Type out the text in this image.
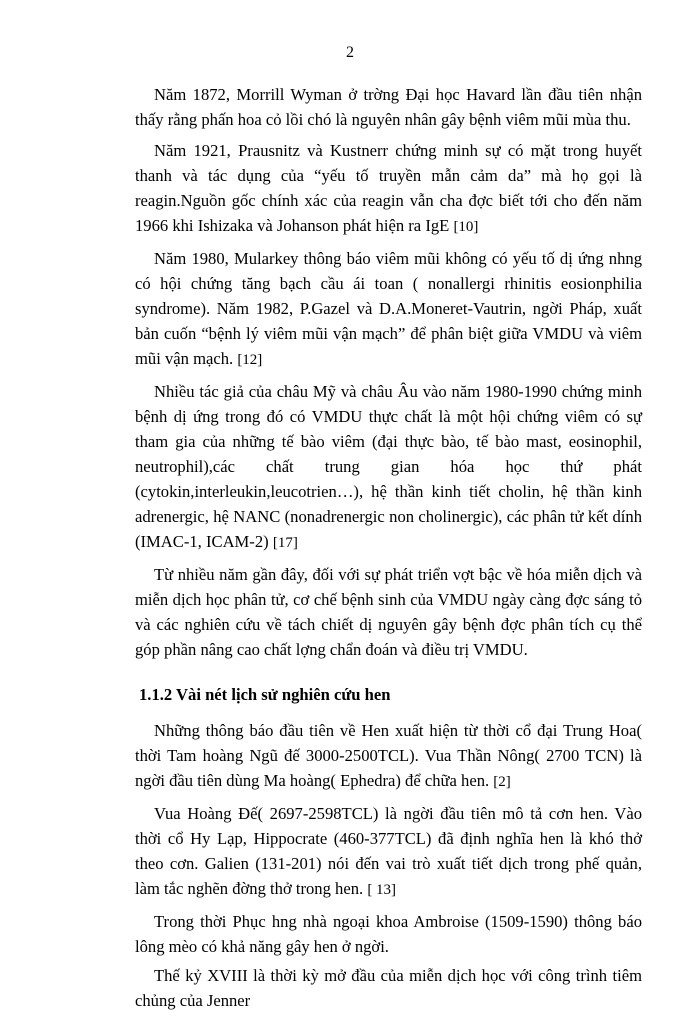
2

Năm 1872, Morrill Wyman ở trờng Đại học Havard lần đầu tiên nhận thấy rằng phấn hoa cỏ lồi chó là nguyên nhân gây bệnh viêm mũi mùa thu.

Năm 1921, Prausnitz và Kustnerr chứng minh sự có mặt trong huyết thanh và tác dụng của “yếu tố truyền mẫn cảm da” mà họ gọi là reagin.Nguồn gốc chính xác của reagin vẫn cha đợc biết tới cho đến năm 1966 khi Ishizaka và Johanson phát hiện ra IgE [10]

Năm 1980, Mularkey thông báo viêm mũi không có yếu tố dị ứng nhng có hội chứng tăng bạch cầu ái toan ( nonallergi rhinitis eosionphilia syndrome). Năm 1982, P.Gazel và D.A.Moneret-Vautrin, ngời Pháp, xuất bản cuốn “bệnh lý viêm mũi vận mạch” để phân biệt giữa VMDU và viêm mũi vận mạch. [12]

Nhiều tác giả của châu Mỹ và châu Âu vào năm 1980-1990 chứng minh bệnh dị ứng trong đó có VMDU thực chất là một hội chứng viêm có sự tham gia của những tế bào viêm (đại thực bào, tế bào mast, eosinophil, neutrophil),các chất trung gian hóa học thứ phát (cytokin,interleukin,leucotrien…), hệ thần kinh tiết cholin, hệ thần kinh adrenergic, hệ NANC (nonadrenergic non cholinergic), các phân tử kết dính (IMAC-1, ICAM-2) [17]

Từ nhiều năm gần đây, đối với sự phát triển vợt bậc về hóa miễn dịch và miễn dịch học phân tử, cơ chế bệnh sinh của VMDU ngày càng đợc sáng tỏ và các nghiên cứu về tách chiết dị nguyên gây bệnh đợc phân tích cụ thể góp phần nâng cao chất lợng chẩn đoán và điều trị VMDU.

1.1.2 Vài nét lịch sử nghiên cứu hen

Những thông báo đầu tiên về Hen xuất hiện từ thời cổ đại Trung Hoa( thời Tam hoàng Ngũ đế 3000-2500TCL). Vua Thần Nông( 2700 TCN) là ngời đầu tiên dùng Ma hoàng( Ephedra) để chữa hen. [2]

Vua Hoàng Đế( 2697-2598TCL) là ngời đầu tiên mô tả cơn hen. Vào thời cổ Hy Lạp, Hippocrate (460-377TCL) đã định nghĩa hen là khó thở theo cơn. Galien (131-201) nói đến vai trò xuất tiết dịch trong phế quản, làm tắc nghẽn đờng thở trong hen. [ 13]

Trong thời Phục hng nhà ngoại khoa Ambroise (1509-1590) thông báo lông mèo có khả năng gây hen ở ngời.

Thế kỷ XVIII là thời kỳ mở đầu của miễn dịch học với công trình tiêm chủng của Jenner
